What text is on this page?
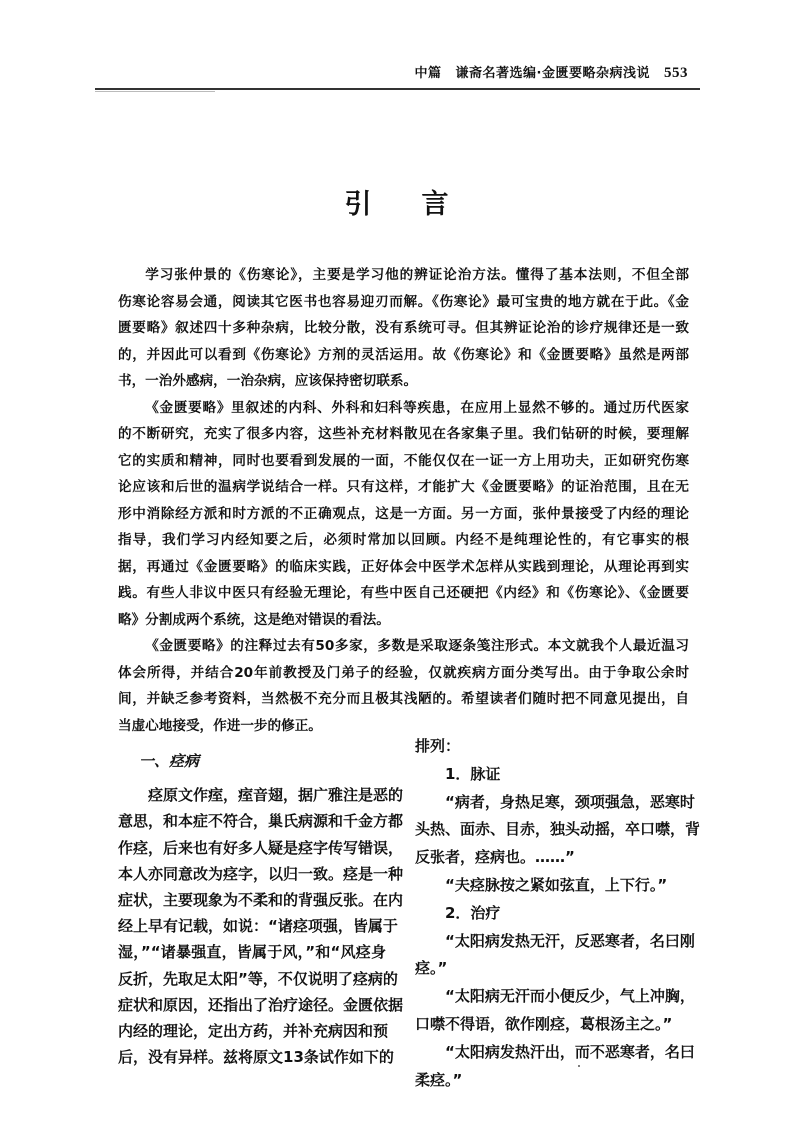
中篇 谦斋名著选编·金匮要略杂病浅说 553
引言
学习张仲景的《伤寒论》，主要是学习他的辨证论治方法。懂得了基本法则，不但全部
伤寒论容易会通，阅读其它医书也容易迎刃而解。《伤寒论》最可宝贵的地方就在于此。《金
匮要略》叙述四十多种杂病，比较分散，没有系统可寻。但其辨证论治的诊疗规律还是一致
的，并因此可以看到《伤寒论》方剂的灵活运用。故《伤寒论》和《金匮要略》虽然是两部
书，一治外感病，一治杂病，应该保持密切联系。
《金匮要略》里叙述的内科、外科和妇科等疾患，在应用上显然不够的。通过历代医家
的不断研究，充实了很多内容，这些补充材料散见在各家集子里。我们钻研的时候，要理解
它的实质和精神，同时也要看到发展的一面，不能仅仅在一证一方上用功夫，正如研究伤寒
论应该和后世的温病学说结合一样。只有这样，才能扩大《金匮要略》的证治范围，且在无
形中消除经方派和时方派的不正确观点，这是一方面。另一方面，张仲景接受了内经的理论
指导，我们学习内经知要之后，必须时常加以回顾。内经不是纯理论性的，有它事实的根
据，再通过《金匮要略》的临床实践，正好体会中医学术怎样从实践到理论，从理论再到实
践。有些人非议中医只有经验无理论，有些中医自己还硬把《内经》和《伤寒论》、《金匮要
略》分割成两个系统，这是绝对错误的看法。
《金匮要略》的注释过去有50多家，多数是采取逐条笺注形式。本文就我个人最近温习
体会所得，并结合20年前教授及门弟子的经验，仅就疾病方面分类写出。由于争取公余时
间，并缺乏参考资料，当然极不充分而且极其浅陋的。希望读者们随时把不同意见提出，自
当虚心地接受，作进一步的修正。
一、痉病
痉原文作痓，痓音翅，据广雅注是恶的
意思，和本症不符合，巢氏病源和千金方都
作痉，后来也有好多人疑是痉字传写错误，
本人亦同意改为痉字，以归一致。痉是一种
症状，主要现象为不柔和的背强反张。在内
经上早有记载，如说：“诸痉项强，皆属于
湿，”“诸暴强直，皆属于风，”和“风痉身
反折，先取足太阳”等，不仅说明了痉病的
症状和原因，还指出了治疗途径。金匮依据
内经的理论，定出方药，并补充病因和预
后，没有异样。兹将原文13条试作如下的
排列：
1．脉证
“病者，身热足寒，颈项强急，恶寒时
头热、面赤、目赤，独头动摇，卒口噤，背
反张者，痉病也。……”
“夫痉脉按之紧如弦直，上下行。”
2．治疗
“太阳病发热无汗，反恶寒者，名曰刚
痉。”
“太阳病无汗而小便反少，气上冲胸，
口噤不得语，欲作刚痉，葛根汤主之。”
“太阳病发热汗出，而不恶寒者，名曰
柔痉。”
